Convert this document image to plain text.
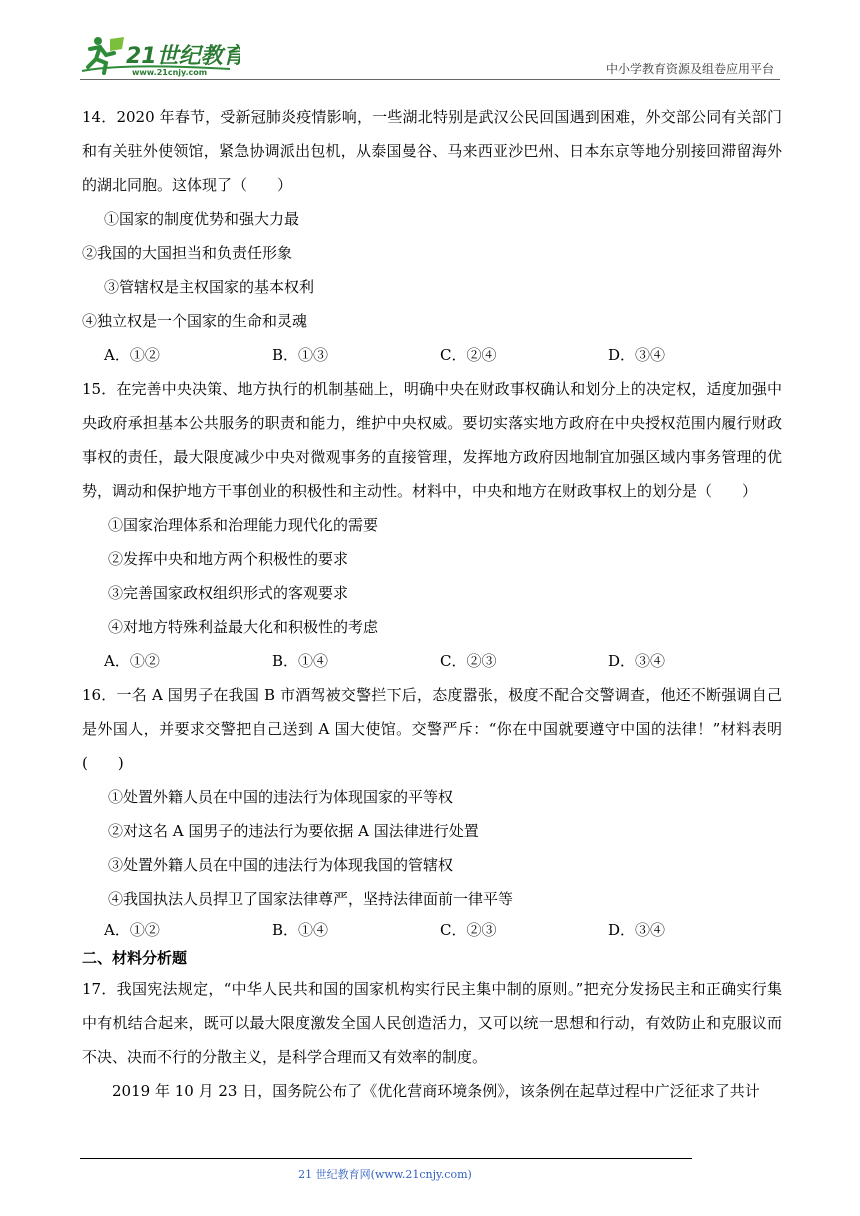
21世纪教育
www.21cnjy.com	中小学教育资源及组卷应用平台

14．2020 年春节，受新冠肺炎疫情影响，一些湖北特别是武汉公民回国遇到困难，外交部公同有关部门和有关驻外使领馆，紧急协调派出包机，从泰国曼谷、马来西亚沙巴州、日本东京等地分别接回滞留海外的湖北同胞。这体现了（　　）

①国家的制度优势和强大力最

②我国的大国担当和负责任形象

③管辖权是主权国家的基本权利

④独立权是一个国家的生命和灵魂

A．①②	B．①③	C．②④	D．③④

15．在完善中央决策、地方执行的机制基础上，明确中央在财政事权确认和划分上的决定权，适度加强中央政府承担基本公共服务的职责和能力，维护中央权威。要切实落实地方政府在中央授权范围内履行财政事权的责任，最大限度减少中央对微观事务的直接管理，发挥地方政府因地制宜加强区域内事务管理的优势，调动和保护地方干事创业的积极性和主动性。材料中，中央和地方在财政事权上的划分是（　　）

①国家治理体系和治理能力现代化的需要

②发挥中央和地方两个积极性的要求

③完善国家政权组织形式的客观要求

④对地方特殊利益最大化和积极性的考虑

A．①②	B．①④	C．②③	D．③④

16．一名 A 国男子在我国 B 市酒驾被交警拦下后，态度嚣张，极度不配合交警调查，他还不断强调自己是外国人，并要求交警把自己送到 A 国大使馆。交警严斥：“你在中国就要遵守中国的法律！”材料表明(　　)

①处置外籍人员在中国的违法行为体现国家的平等权

②对这名 A 国男子的违法行为要依据 A 国法律进行处置

③处置外籍人员在中国的违法行为体现我国的管辖权

④我国执法人员捍卫了国家法律尊严，坚持法律面前一律平等

A．①②	B．①④	C．②③	D．③④

二、材料分析题

17．我国宪法规定，“中华人民共和国的国家机构实行民主集中制的原则。”把充分发扬民主和正确实行集中有机结合起来，既可以最大限度激发全国人民创造活力，又可以统一思想和行动，有效防止和克服议而不决、决而不行的分散主义，是科学合理而又有效率的制度。

2019 年 10 月 23 日，国务院公布了《优化营商环境条例》，该条例在起草过程中广泛征求了共计

21 世纪教育网(www.21cnjy.com)
